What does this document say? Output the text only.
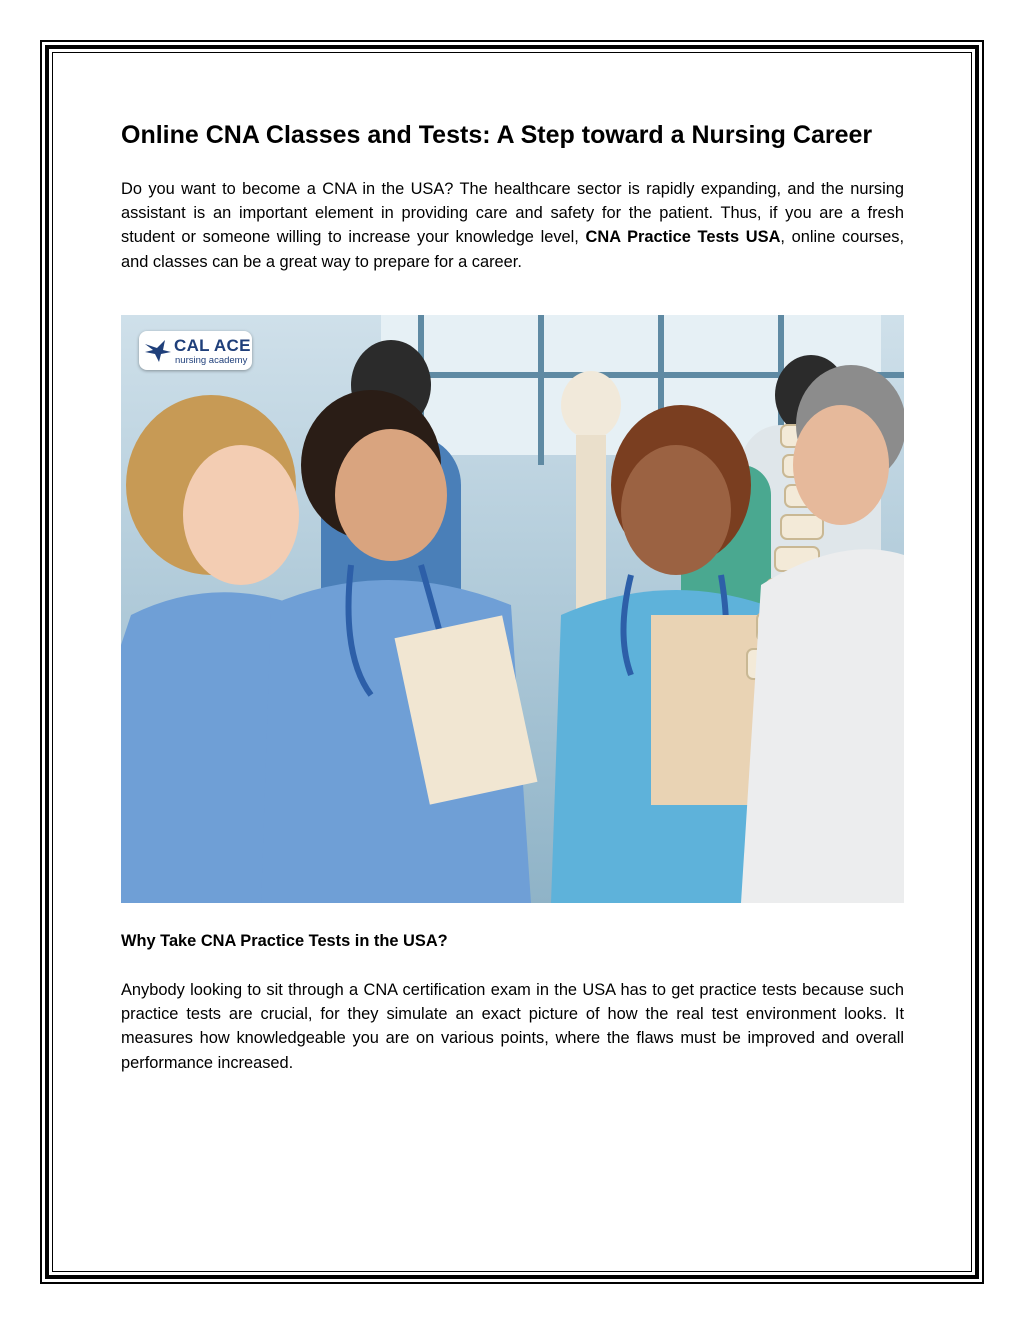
Online CNA Classes and Tests: A Step toward a Nursing Career

Do you want to become a CNA in the USA? The healthcare sector is rapidly expanding, and the nursing assistant is an important element in providing care and safety for the patient. Thus, if you are a fresh student or someone willing to increase your knowledge level, CNA Practice Tests USA, online courses, and classes can be a great way to prepare for a career.

CAL ACE
nursing academy
Why Take CNA Practice Tests in the USA?

Anybody looking to sit through a CNA certification exam in the USA has to get practice tests because such practice tests are crucial, for they simulate an exact picture of how the real test environment looks. It measures how knowledgeable you are on various points, where the flaws must be improved and overall performance increased.
